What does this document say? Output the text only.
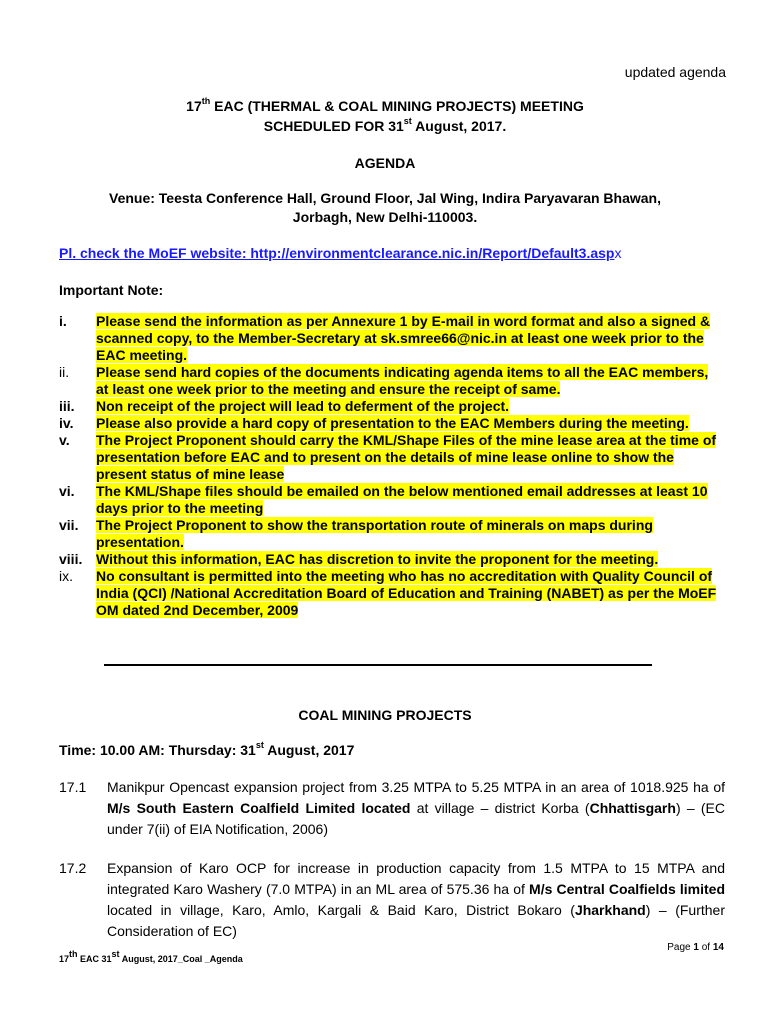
updated agenda
17th EAC (THERMAL & COAL MINING PROJECTS) MEETING
SCHEDULED FOR 31st August, 2017.
AGENDA
Venue: Teesta Conference Hall, Ground Floor, Jal Wing, Indira Paryavaran Bhawan,
Jorbagh, New Delhi-110003.
Pl. check the MoEF website: http://environmentclearance.nic.in/Report/Default3.aspx
Important Note:
i.	Please send the information as per Annexure 1 by E-mail in word format and also a signed & scanned copy, to the Member-Secretary at sk.smree66@nic.in at least one week prior to the EAC meeting.
ii.	Please send hard copies of the documents indicating agenda items to all the EAC members, at least one week prior to the meeting and ensure the receipt of same.
iii.	Non receipt of the project will lead to deferment of the project.
iv.	Please also provide a hard copy of presentation to the EAC Members during the meeting.
v.	The Project Proponent should carry the KML/Shape Files of the mine lease area at the time of presentation before EAC and to present on the details of mine lease online to show the present status of mine lease
vi.	The KML/Shape files should be emailed on the below mentioned email addresses at least 10 days prior to the meeting
vii.	The Project Proponent to show the transportation route of minerals on maps during presentation.
viii. Without this information, EAC has discretion to invite the proponent for the meeting.
ix.	No consultant is permitted into the meeting who has no accreditation with Quality Council of India (QCI) /National Accreditation Board of Education and Training (NABET) as per the MoEF OM dated 2nd December, 2009
COAL MINING PROJECTS
Time: 10.00 AM: Thursday: 31st August, 2017
17.1	Manikpur Opencast expansion project from 3.25 MTPA to 5.25 MTPA in an area of 1018.925 ha of M/s South Eastern Coalfield Limited located at village – district Korba (Chhattisgarh) – (EC under 7(ii) of EIA Notification, 2006)
17.2	Expansion of Karo OCP for increase in production capacity from 1.5 MTPA to 15 MTPA and integrated Karo Washery (7.0 MTPA) in an ML area of 575.36 ha of M/s Central Coalfields limited located in village, Karo, Amlo, Kargali & Baid Karo, District Bokaro (Jharkhand) – (Further Consideration of EC)
Page 1 of 14
17th EAC 31st August, 2017_Coal _Agenda
